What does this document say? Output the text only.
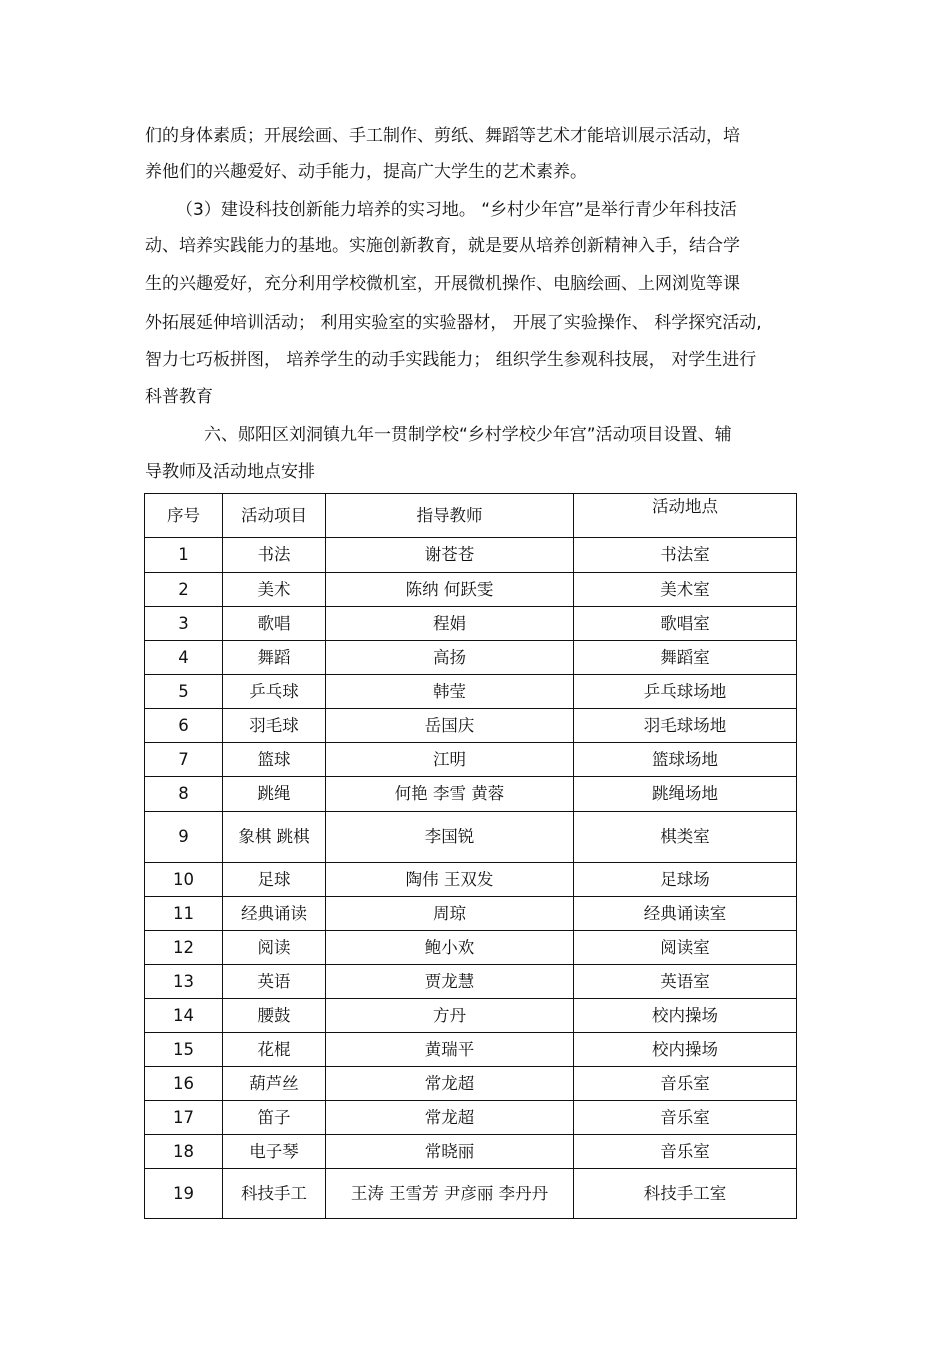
们的身体素质；开展绘画、手工制作、剪纸、舞蹈等艺术才能培训展示活动，培
养他们的兴趣爱好、动手能力，提高广大学生的艺术素养。
（3）建设科技创新能力培养的实习地。 “乡村少年宫”是举行青少年科技活
动、培养实践能力的基地。实施创新教育，就是要从培养创新精神入手，结合学
生的兴趣爱好，充分利用学校微机室，开展微机操作、电脑绘画、上网浏览等课
外拓展延伸培训活动； 利用实验室的实验器材， 开展了实验操作、 科学探究活动,
智力七巧板拼图， 培养学生的动手实践能力； 组织学生参观科技展， 对学生进行
科普教育
六、郧阳区刘洞镇九年一贯制学校“乡村学校少年宫”活动项目设置、辅
导教师及活动地点安排
序号	活动项目	指导教师	活动地点
1	书法	谢苍苍	书法室
2	美术	陈纳 何跃雯	美术室
3	歌唱	程娟	歌唱室
4	舞蹈	高扬	舞蹈室
5	乒乓球	韩莹	乒乓球场地
6	羽毛球	岳国庆	羽毛球场地
7	篮球	江明	篮球场地
8	跳绳	何艳 李雪 黄蓉	跳绳场地
9	象棋 跳棋	李国锐	棋类室
10	足球	陶伟 王双发	足球场
11	经典诵读	周琼	经典诵读室
12	阅读	鲍小欢	阅读室
13	英语	贾龙慧	英语室
14	腰鼓	方丹	校内操场
15	花棍	黄瑞平	校内操场
16	葫芦丝	常龙超	音乐室
17	笛子	常龙超	音乐室
18	电子琴	常晓丽	音乐室
19	科技手工	王涛 王雪芳 尹彦丽 李丹丹	科技手工室
